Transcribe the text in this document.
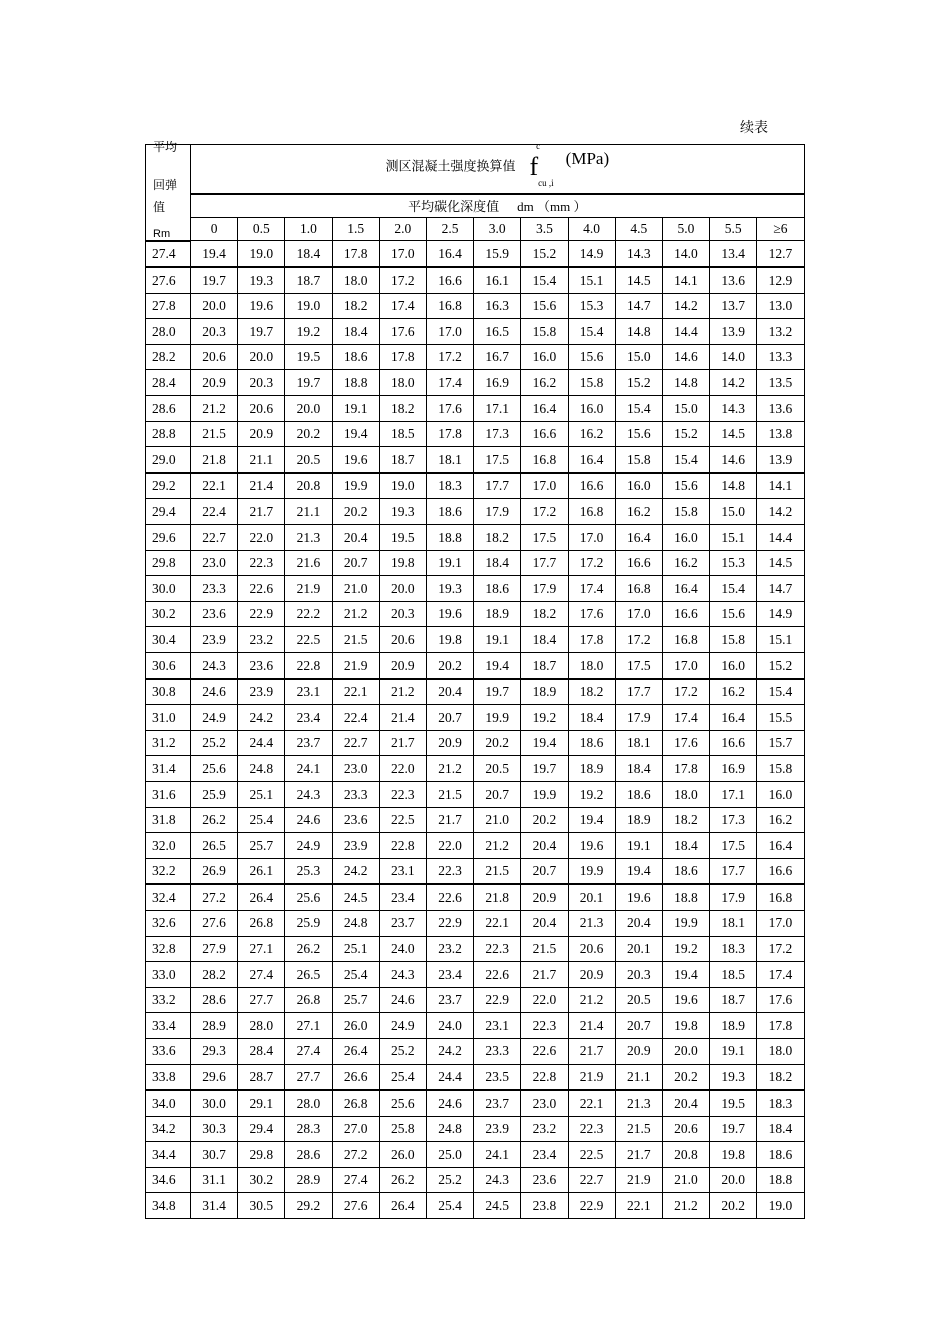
续表
平均
回弹
值
Rm	测区混凝土强度换算值 f
c
$_{cu ,i}$(MPa)												
	平均碳化深度值 dm （mm ）												
	0	0.5	1.0	1.5	2.0	2.5	3.0	3.5	4.0	4.5	5.0	5.5	≥6
27.4	19.4	19.0	18.4	17.8	17.0	16.4	15.9	15.2	14.9	14.3	14.0	13.4	12.7
27.6	19.7	19.3	18.7	18.0	17.2	16.6	16.1	15.4	15.1	14.5	14.1	13.6	12.9
27.8	20.0	19.6	19.0	18.2	17.4	16.8	16.3	15.6	15.3	14.7	14.2	13.7	13.0
28.0	20.3	19.7	19.2	18.4	17.6	17.0	16.5	15.8	15.4	14.8	14.4	13.9	13.2
28.2	20.6	20.0	19.5	18.6	17.8	17.2	16.7	16.0	15.6	15.0	14.6	14.0	13.3
28.4	20.9	20.3	19.7	18.8	18.0	17.4	16.9	16.2	15.8	15.2	14.8	14.2	13.5
28.6	21.2	20.6	20.0	19.1	18.2	17.6	17.1	16.4	16.0	15.4	15.0	14.3	13.6
28.8	21.5	20.9	20.2	19.4	18.5	17.8	17.3	16.6	16.2	15.6	15.2	14.5	13.8
29.0	21.8	21.1	20.5	19.6	18.7	18.1	17.5	16.8	16.4	15.8	15.4	14.6	13.9
29.2	22.1	21.4	20.8	19.9	19.0	18.3	17.7	17.0	16.6	16.0	15.6	14.8	14.1
29.4	22.4	21.7	21.1	20.2	19.3	18.6	17.9	17.2	16.8	16.2	15.8	15.0	14.2
29.6	22.7	22.0	21.3	20.4	19.5	18.8	18.2	17.5	17.0	16.4	16.0	15.1	14.4
29.8	23.0	22.3	21.6	20.7	19.8	19.1	18.4	17.7	17.2	16.6	16.2	15.3	14.5
30.0	23.3	22.6	21.9	21.0	20.0	19.3	18.6	17.9	17.4	16.8	16.4	15.4	14.7
30.2	23.6	22.9	22.2	21.2	20.3	19.6	18.9	18.2	17.6	17.0	16.6	15.6	14.9
30.4	23.9	23.2	22.5	21.5	20.6	19.8	19.1	18.4	17.8	17.2	16.8	15.8	15.1
30.6	24.3	23.6	22.8	21.9	20.9	20.2	19.4	18.7	18.0	17.5	17.0	16.0	15.2
30.8	24.6	23.9	23.1	22.1	21.2	20.4	19.7	18.9	18.2	17.7	17.2	16.2	15.4
31.0	24.9	24.2	23.4	22.4	21.4	20.7	19.9	19.2	18.4	17.9	17.4	16.4	15.5
31.2	25.2	24.4	23.7	22.7	21.7	20.9	20.2	19.4	18.6	18.1	17.6	16.6	15.7
31.4	25.6	24.8	24.1	23.0	22.0	21.2	20.5	19.7	18.9	18.4	17.8	16.9	15.8
31.6	25.9	25.1	24.3	23.3	22.3	21.5	20.7	19.9	19.2	18.6	18.0	17.1	16.0
31.8	26.2	25.4	24.6	23.6	22.5	21.7	21.0	20.2	19.4	18.9	18.2	17.3	16.2
32.0	26.5	25.7	24.9	23.9	22.8	22.0	21.2	20.4	19.6	19.1	18.4	17.5	16.4
32.2	26.9	26.1	25.3	24.2	23.1	22.3	21.5	20.7	19.9	19.4	18.6	17.7	16.6
32.4	27.2	26.4	25.6	24.5	23.4	22.6	21.8	20.9	20.1	19.6	18.8	17.9	16.8
32.6	27.6	26.8	25.9	24.8	23.7	22.9	22.1	20.4	21.3	20.4	19.9	18.1	17.0
32.8	27.9	27.1	26.2	25.1	24.0	23.2	22.3	21.5	20.6	20.1	19.2	18.3	17.2
33.0	28.2	27.4	26.5	25.4	24.3	23.4	22.6	21.7	20.9	20.3	19.4	18.5	17.4
33.2	28.6	27.7	26.8	25.7	24.6	23.7	22.9	22.0	21.2	20.5	19.6	18.7	17.6
33.4	28.9	28.0	27.1	26.0	24.9	24.0	23.1	22.3	21.4	20.7	19.8	18.9	17.8
33.6	29.3	28.4	27.4	26.4	25.2	24.2	23.3	22.6	21.7	20.9	20.0	19.1	18.0
33.8	29.6	28.7	27.7	26.6	25.4	24.4	23.5	22.8	21.9	21.1	20.2	19.3	18.2
34.0	30.0	29.1	28.0	26.8	25.6	24.6	23.7	23.0	22.1	21.3	20.4	19.5	18.3
34.2	30.3	29.4	28.3	27.0	25.8	24.8	23.9	23.2	22.3	21.5	20.6	19.7	18.4
34.4	30.7	29.8	28.6	27.2	26.0	25.0	24.1	23.4	22.5	21.7	20.8	19.8	18.6
34.6	31.1	30.2	28.9	27.4	26.2	25.2	24.3	23.6	22.7	21.9	21.0	20.0	18.8
34.8	31.4	30.5	29.2	27.6	26.4	25.4	24.5	23.8	22.9	22.1	21.2	20.2	19.0
